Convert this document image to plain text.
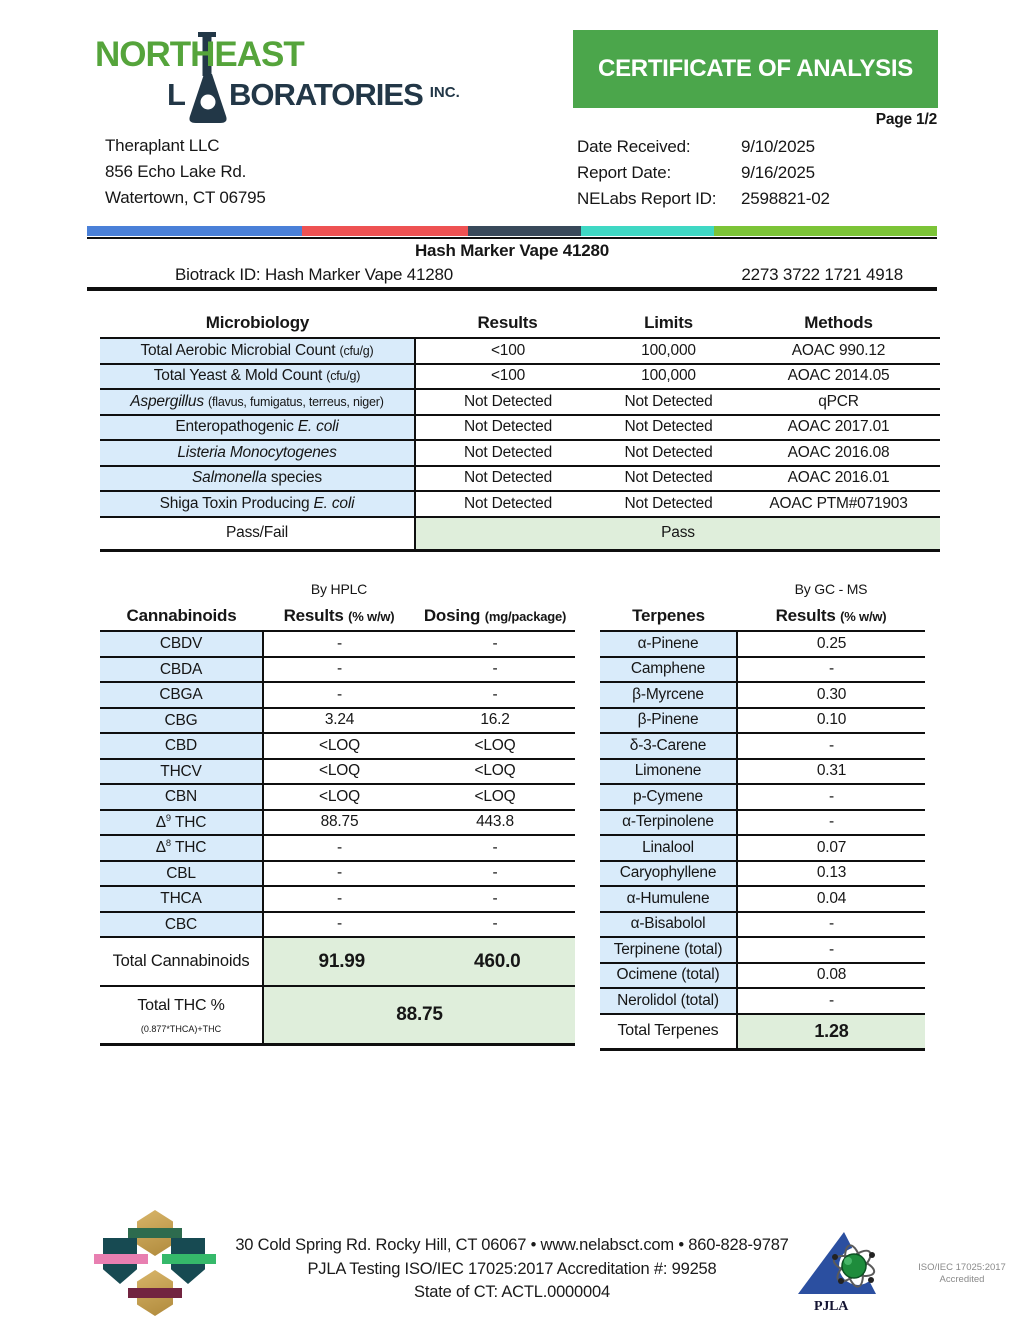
NORTHEAST
L BORATORIES INC.
CERTIFICATE OF ANALYSIS
Page 1/2
Theraplant LLC
856 Echo Lake Rd.
Watertown, CT 06795
Date Received:	9/10/2025
Report Date:	9/16/2025
NELabs Report ID:	2598821-02
Hash Marker Vape 41280
Biotrack ID: Hash Marker Vape 41280	2273 3722 1721 4918
Microbiology	Results	Limits	Methods
Total Aerobic Microbial Count (cfu/g)	<100	100,000	AOAC 990.12
Total Yeast & Mold Count (cfu/g)	<100	100,000	AOAC 2014.05
Aspergillus (flavus, fumigatus, terreus, niger)	Not Detected	Not Detected	qPCR
Enteropathogenic E. coli	Not Detected	Not Detected	AOAC 2017.01
Listeria Monocytogenes	Not Detected	Not Detected	AOAC 2016.08
Salmonella species	Not Detected	Not Detected	AOAC 2016.01
Shiga Toxin Producing E. coli	Not Detected	Not Detected	AOAC PTM#071903
Pass/Fail	Pass		
By HPLC	By GC - MS
Cannabinoids	Results (% w/w)	Dosing (mg/package)
CBDV	-	-
CBDA	-	-
CBGA	-	-
CBG	3.24	16.2
CBD	<LOQ	<LOQ
THCV	<LOQ	<LOQ
CBN	<LOQ	<LOQ
$\Delta^9$ THC	88.75	443.8
$\Delta^8$ THC	-	-
CBL	-	-
THCA	-	-
CBC	-	-
Total Cannabinoids	91.99 460.0	

Total THC % $_{(0.877*THCA)+THC}$	88.75	
Terpenes	Results (% w/w)
α-Pinene	0.25
Camphene	-
β-Myrcene	0.30
β-Pinene	0.10
δ-3-Carene	-
Limonene	0.31
p-Cymene	-
α-Terpinolene	-
Linalool	0.07
Caryophyllene	0.13
α-Humulene	0.04
α-Bisabolol	-
Terpinene (total)	-
Ocimene (total)	0.08
Nerolidol (total)	-
Total Terpenes	1.28
30 Cold Spring Rd. Rocky Hill, CT 06067 • www.nelabsct.com • 860-828-9787
PJLA Testing ISO/IEC 17025:2017 Accreditation #: 99258
State of CT: ACTL.0000004
PJLA
ISO/IEC 17025:2017
Accredited
